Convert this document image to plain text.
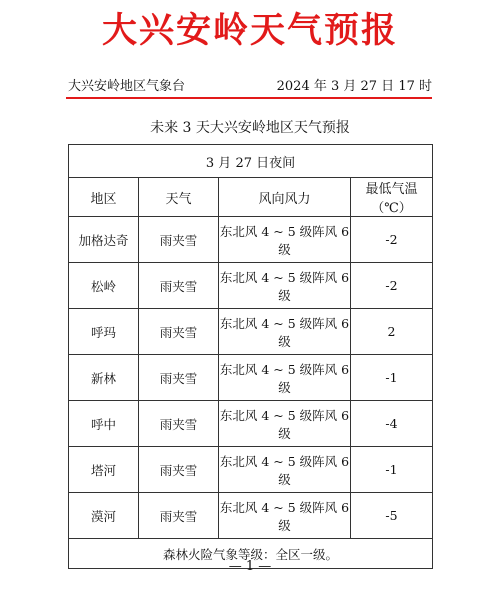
大兴安岭天气预报
大兴安岭地区气象台	2024 年 3 月 27 日 17 时
未来 3 天大兴安岭地区天气预报
3 月 27 日夜间			
地区	天气	风向风力	最低气温（℃）
加格达奇	雨夹雪	东北风 4 ~ 5 级阵风 6 级	-2
松岭	雨夹雪	东北风 4 ~ 5 级阵风 6 级	-2
呼玛	雨夹雪	东北风 4 ~ 5 级阵风 6 级	2
新林	雨夹雪	东北风 4 ~ 5 级阵风 6 级	-1
呼中	雨夹雪	东北风 4 ~ 5 级阵风 6 级	-4
塔河	雨夹雪	东北风 4 ~ 5 级阵风 6 级	-1
漠河	雨夹雪	东北风 4 ~ 5 级阵风 6 级	-5
森林火险气象等级：全区一级。			
— 1 —
